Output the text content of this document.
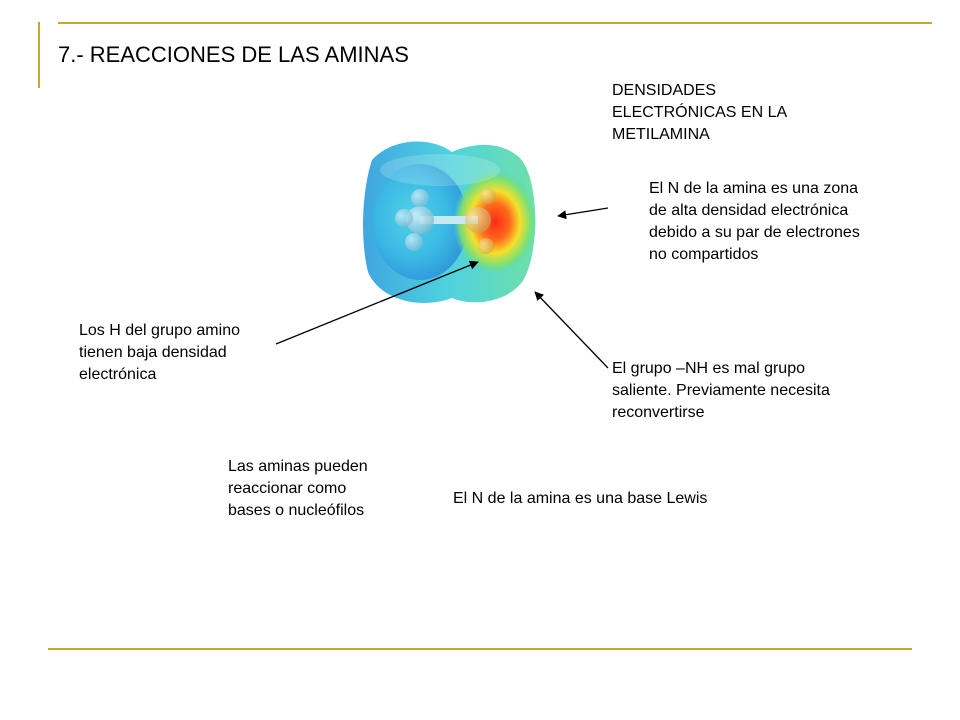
7.- REACCIONES DE LAS AMINAS
DENSIDADES
ELECTRÓNICAS EN LA
METILAMINA
El N de la amina es una zona
de alta densidad electrónica
debido a su par de electrones
no compartidos
Los H del grupo amino
tienen baja densidad
electrónica	El grupo –NH es mal grupo
saliente. Previamente necesita
reconvertirse
Las aminas pueden
reaccionar como
bases o nucleófilos
El N de la amina es una base Lewis
